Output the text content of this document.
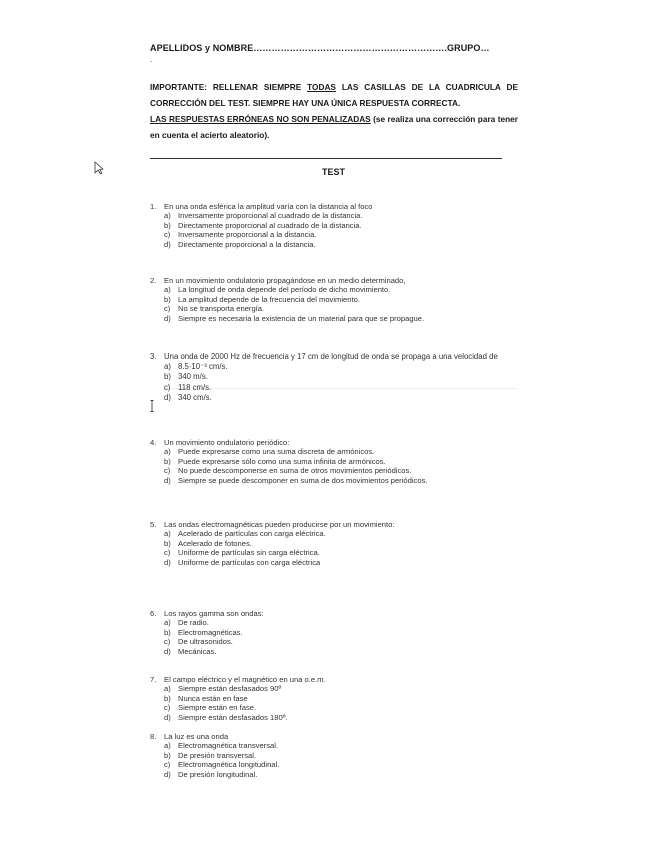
APELLIDOS y NOMBRE……………………………………………………….GRUPO…
.
IMPORTANTE: RELLENAR SIEMPRE TODAS LAS CASILLAS DE LA CUADRICULA DE CORRECCIÓN DEL TEST. SIEMPRE HAY UNA ÚNICA RESPUESTA CORRECTA.
LAS RESPUESTAS ERRÓNEAS NO SON PENALIZADAS (se realiza una corrección para tener en cuenta el acierto aleatorio).
TEST
1.	En una onda esférica la amplitud varía con la distancia al foco
a) Inversamente proporcional al cuadrado de la distancia.
b) Directamente proporcional al cuadrado de la distancia.
c)	Inversamente proporcional a la distancia.
d) Directamente proporcional a la distancia.
2.	En un movimiento ondulatorio propagándose en un medio determinado,
a) La longitud de onda depende del período de dicho movimiento.
b) La amplitud depende de la frecuencia del movimiento.
c)	No se transporta energía.
d) Siempre es necesaria la existencia de un material para que se propague.
3. Una onda de 2000 Hz de frecuencia y 17 cm de longitud de onda se propaga a una velocidad de
a) 8.5·10⁻³ cm/s.
b) 340 m/s.
c) 118 cm/s.
d) 340 cm/s.
4.	Un movimiento ondulatorio periódico:
a) Puede expresarse como una suma discreta de armónicos.
b) Puede expresarse sólo como una suma infinita de armónicos.
c)	No puede descomponerse en suma de otros movimientos periódicos.
d) Siempre se puede descomponer en suma de dos movimientos periódicos.
5.	Las ondas electromagnéticas pueden producirse por un movimiento:
a) Acelerado de partículas con carga eléctrica.
b) Acelerado de fotones.
c)	Uniforme de partículas sin carga eléctrica.
d) Uniforme de partículas con carga eléctrica
6.	Los rayos gamma son ondas:
a) De radio.
b) Electromagnéticas.
c)	De ultrasonidos.
d) Mecánicas.
7.	El campo eléctrico y el magnético en una o.e.m.
a) Siempre están desfasados 90º
b) Nunca están en fase
c)	Siempre están en fase.
d) Siempre están desfasados 180º.
8.	La luz es una onda
a) Electromagnética transversal.
b) De presión transversal.
c)	Electromagnética longitudinal.
d) De presión longitudinal.
